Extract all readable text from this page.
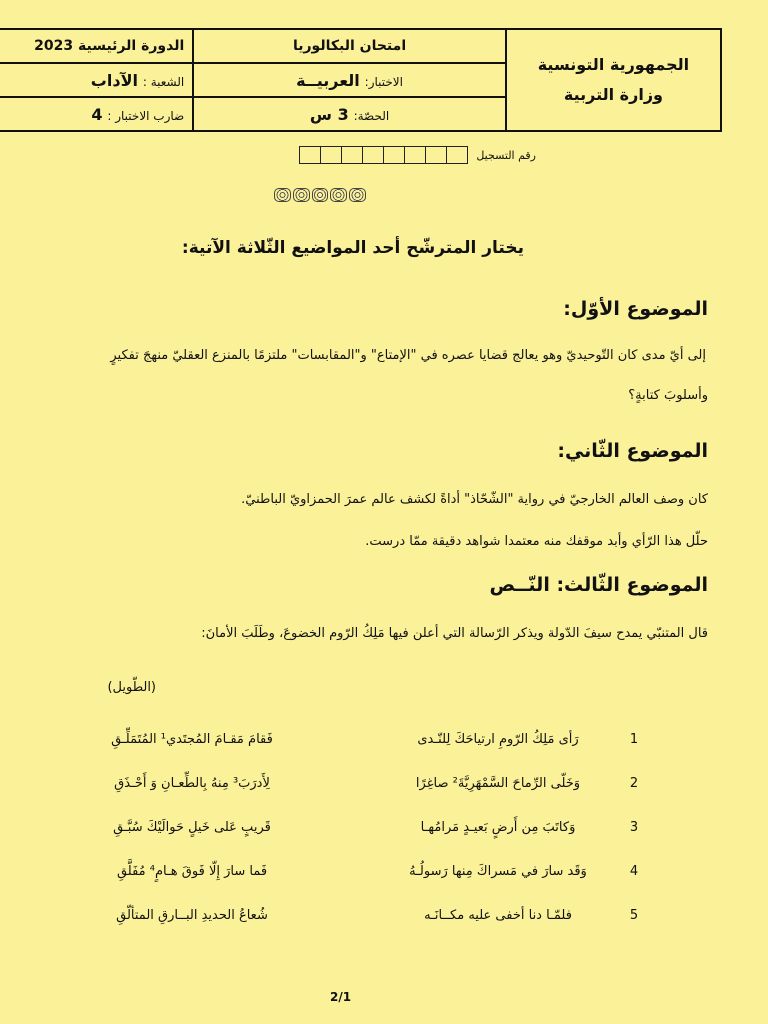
الجمهورية التونسية
وزارة التربية	امتحان البكالوريا	الدورة الرئيسية 2023
	الاختبار: العربيــة	الشعبة : الآداب
	الحصّة: 3 س	ضارب الاختبار : 4
رقم التسجيل
يختار المترشّح أحد المواضيع الثّلاثة الآتية:
الموضوع الأوّل:
إلى أيّ مدى كان التّوحيديّ وهو يعالج قضايا عصره في "الإمتاع" و"المقابسات" ملتزمًا بالمنزع العقليّ منهجَ تفكيرٍ
وأسلوبَ كتابةٍ؟
الموضوع الثّاني:
كان وصف العالم الخارجيّ في رواية "الشّحّاذ" أداةً لكشف عالم عمرَ الحمزاويّ الباطنيّ.
حلّل هذا الرّأي وأبد موقفك منه معتمدا شواهد دقيقة ممّا درست.
الموضوع الثّالث: النّــص
قال المتنبّي يمدح سيفَ الدّولة ويذكر الرّسالة التي أعلن فيها مَلِكُ الرّوم الخضوعَ، وطَلَبَ الأمانَ:
(الطّويل)
1
رَأى مَلِكُ الرّومِ ارتياحَكَ لِلنّـدى
فَقامَ مَقـامَ المُجتَدي¹ المُتَمَلِّـقِ
2
وَخَلّى الرِّماحَ السَّمْهَرِيَّةَ² صاغِرًا
لِأَدرَبَ³ مِنهُ بِالطِّعـانِ وَ أَحْـذَقِ
3
وَكاتَبَ مِن أَرضٍ بَعيـدٍ مَرامُهـا
قَريبٍ عَلى خَيلٍ حَوالَيْكَ سُبَّـقِ
4
وَقَد سارَ في مَسراكَ مِنها رَسولُـهُ
فَما سارَ إِلّا فَوقَ هـامٍ⁴ مُفَلَّقِ
5
فلمّـا دنا أخفى عليه مكــانَـه
شُعاعُ الحديدِ البــارقِ المتألّقِ
2/1
